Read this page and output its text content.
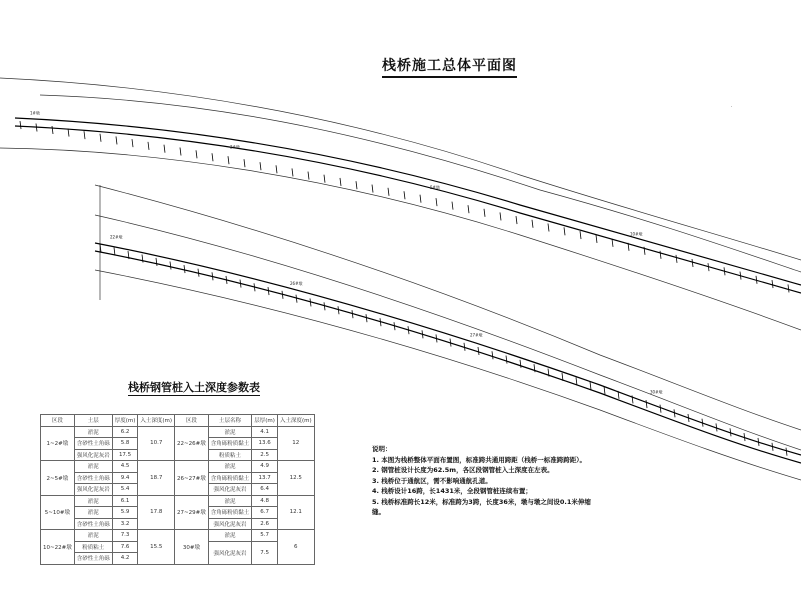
1#墩
2#墩
5#墩
10#墩
22#墩
26#墩
27#墩
30#墩
·
栈桥施工总体平面图
栈桥钢管桩入土深度参数表
区段	土层	厚度(m)	入土深度(m)	区段	土层名称	层厚(m)	入土深度(m)
1~2#墩	淤泥	6.2	10.7	22~26#墩	淤泥	4.1	12
	含砂性土角砾	5.8			含角砾粉质黏土	13.6	
	强风化泥灰岩	17.5			粉质粘土	2.5	
2~5#墩	淤泥	4.5	18.7	26~27#墩	淤泥	4.9	12.5
	含砂性土角砾	9.4			含角砾粉质黏土	13.7	
	强风化泥灰岩	5.4			强风化泥灰岩	6.4	
5~10#墩	淤泥	6.1	17.8	27~29#墩	淤泥	4.8	12.1
	淤泥	5.9			含角砾粉质黏土	6.7	
	含砂性土角砾	3.2			强风化泥灰岩	2.6	
10~22#墩	淤泥	7.3	15.5	30#墩	淤泥	5.7	6
	粉质粘土	7.6			强风化泥灰岩	7.5	
	含砂性土角砾	4.2					
说明：
1. 本图为栈桥整体平面布置图，标准跨共通用跨距（栈桥一标准跨跨距）。
2. 钢管桩设计长度为62.5m，各区段钢管桩入土深度在左表。
3. 栈桥位于通航区，需不影响通航孔道。
4. 栈桥设计16跨，长1431米，全段钢管桩连续布置；
5. 栈桥标准跨长12米，标准跨为3跨，长度36米，墩与墩之间设0.1米伸缩缝。
